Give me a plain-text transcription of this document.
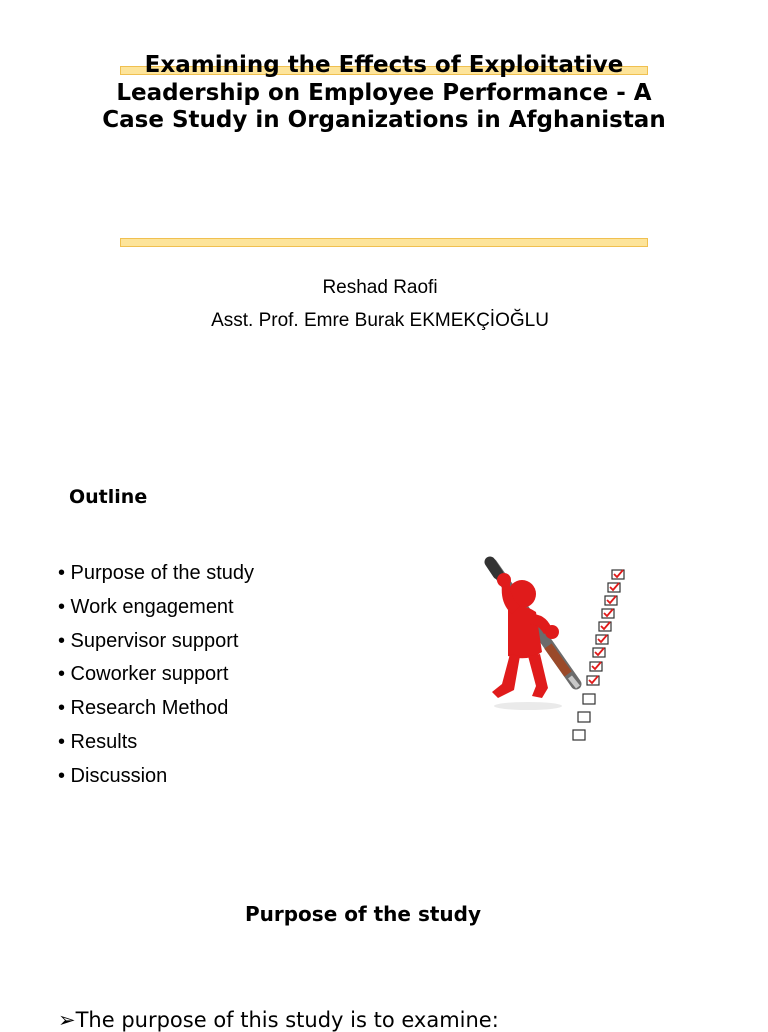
Examining the Effects of Exploitative Leadership on Employee Performance - A Case Study in Organizations in Afghanistan
Reshad Raofi
Asst. Prof. Emre Burak EKMEKÇİOĞLU
Outline
• Purpose of the study
• Work engagement
• Supervisor support
• Coworker support
• Research Method
• Results
• Discussion
Purpose of the study

➢The purpose of this study is to examine:
